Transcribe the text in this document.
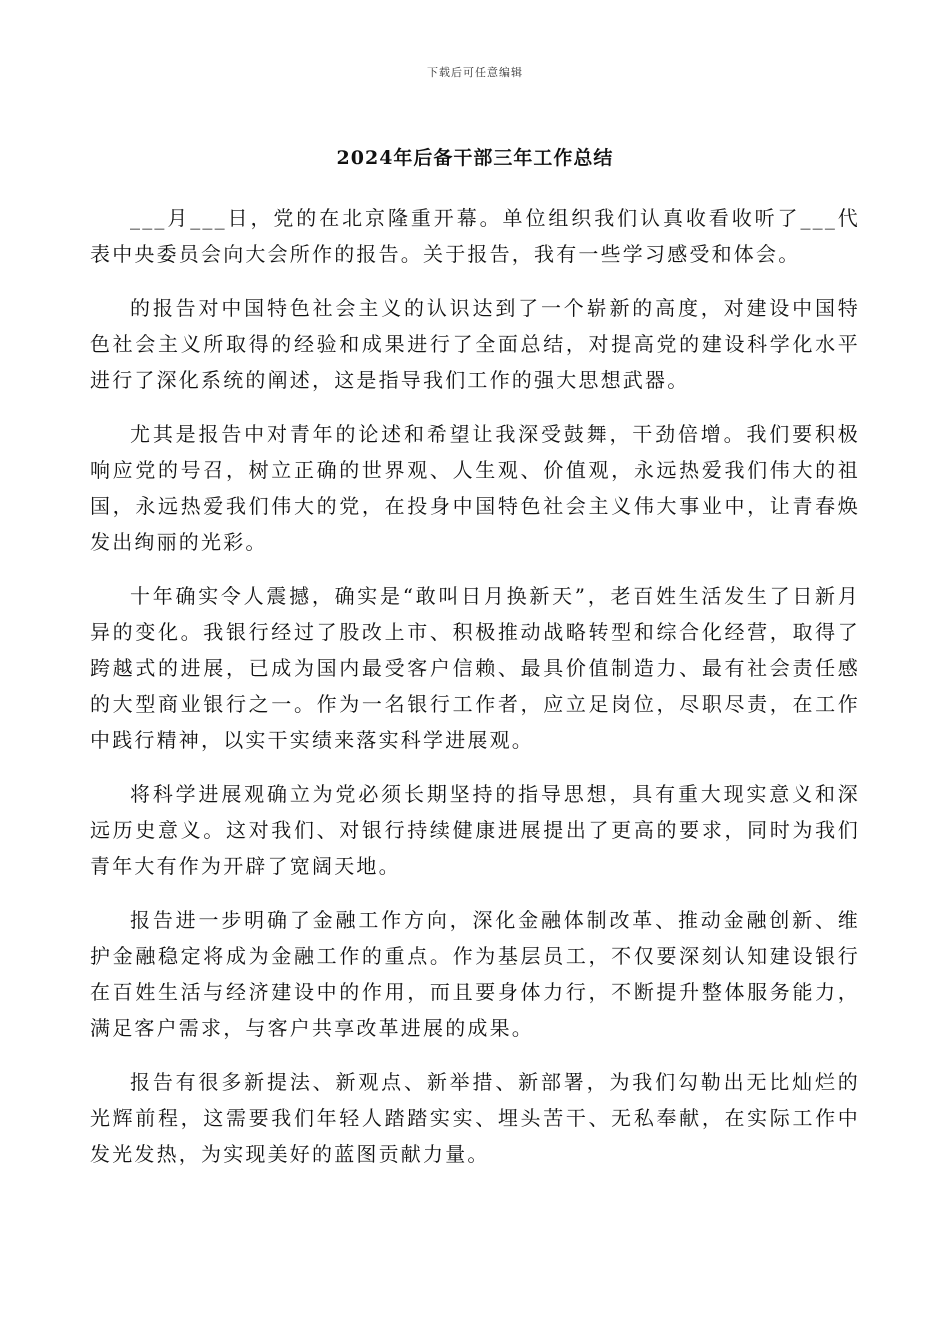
下载后可任意编辑
2024年后备干部三年工作总结

___月___日，党的在北京隆重开幕。单位组织我们认真收看收听了___代表中央委员会向大会所作的报告。关于报告，我有一些学习感受和体会。

的报告对中国特色社会主义的认识达到了一个崭新的高度，对建设中国特色社会主义所取得的经验和成果进行了全面总结，对提高党的建设科学化水平进行了深化系统的阐述，这是指导我们工作的强大思想武器。

尤其是报告中对青年的论述和希望让我深受鼓舞，干劲倍增。我们要积极响应党的号召，树立正确的世界观、人生观、价值观，永远热爱我们伟大的祖国，永远热爱我们伟大的党，在投身中国特色社会主义伟大事业中，让青春焕发出绚丽的光彩。

十年确实令人震撼，确实是“敢叫日月换新天”，老百姓生活发生了日新月异的变化。我银行经过了股改上市、积极推动战略转型和综合化经营，取得了跨越式的进展，已成为国内最受客户信赖、最具价值制造力、最有社会责任感的大型商业银行之一。作为一名银行工作者，应立足岗位，尽职尽责，在工作中践行精神，以实干实绩来落实科学进展观。

将科学进展观确立为党必须长期坚持的指导思想，具有重大现实意义和深远历史意义。这对我们、对银行持续健康进展提出了更高的要求，同时为我们青年大有作为开辟了宽阔天地。

报告进一步明确了金融工作方向，深化金融体制改革、推动金融创新、维护金融稳定将成为金融工作的重点。作为基层员工，不仅要深刻认知建设银行在百姓生活与经济建设中的作用，而且要身体力行，不断提升整体服务能力，满足客户需求，与客户共享改革进展的成果。

报告有很多新提法、新观点、新举措、新部署，为我们勾勒出无比灿烂的光辉前程，这需要我们年轻人踏踏实实、埋头苦干、无私奉献，在实际工作中发光发热，为实现美好的蓝图贡献力量。
